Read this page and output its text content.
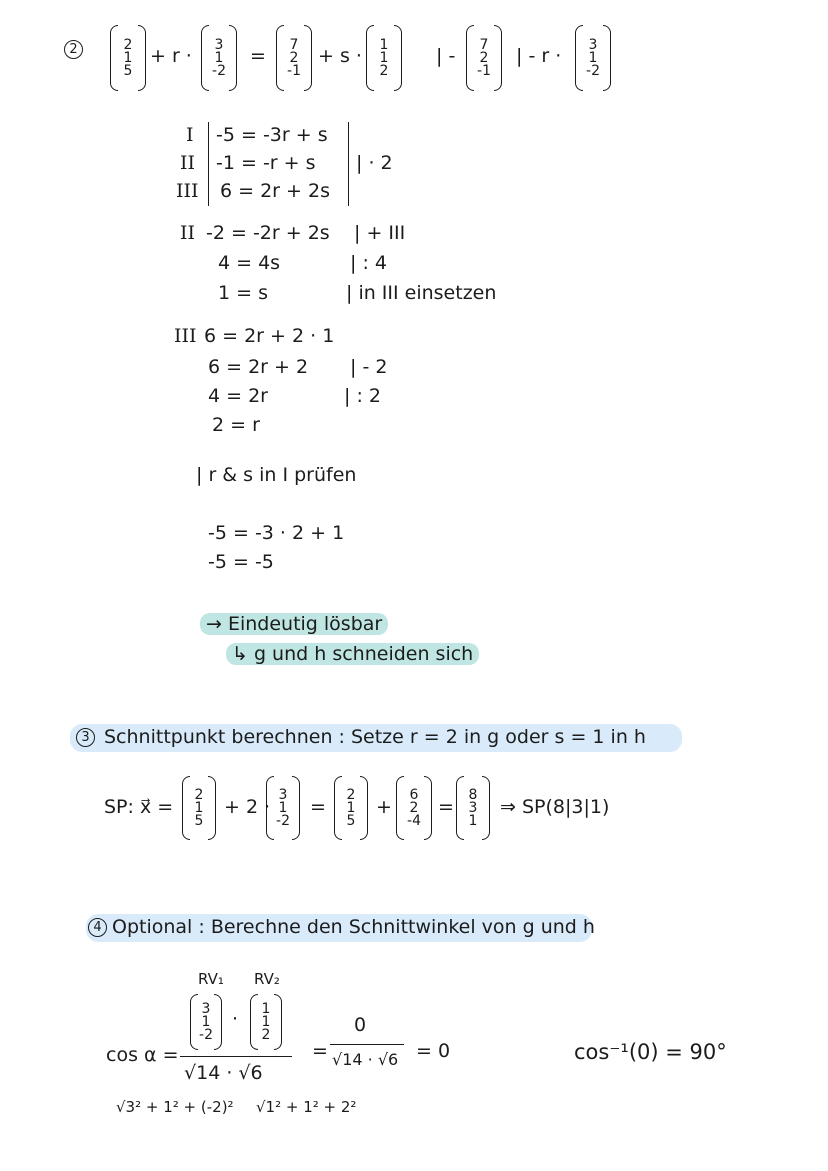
2	2
1
5
+ r ·
3
1
-2
=
7
2
-1
+ s ·
1
1
2
| -
7
2
-1
| - r ·
3
1
-2
I
II
III
-5 = -3r + s
-1 = -r + s
6 = 2r + 2s
| · 2
II -2 = -2r + 2s
4 = 4s
1 = s
| + III
| : 4
| in III einsetzen
III 6 = 2r + 2 · 1
6 = 2r + 2
4 = 2r
2 = r
| - 2
| : 2
| r & s in I prüfen
-5 = -3 · 2 + 1
-5 = -5
→ Eindeutig lösbar
↳ g und h schneiden sich
3 Schnittpunkt berechnen : Setze r = 2 in g oder s = 1 in h
SP: x⃗ =
2
1
5
+ 2 ·
3
1
-2
=
2
1
5
+
6
2
-4
=
8
3
1
⇒ SP(8|3|1)
4 Optional : Berechne den Schnittwinkel von g und h
RV₁ RV₂
3
1
-2
· 1
1
2
cos α =
√14 · √6
=
0
√14 · √6 = 0
√3² + 1² + (-2)² √1² + 1² + 2²
cos⁻¹(0) = 90°
